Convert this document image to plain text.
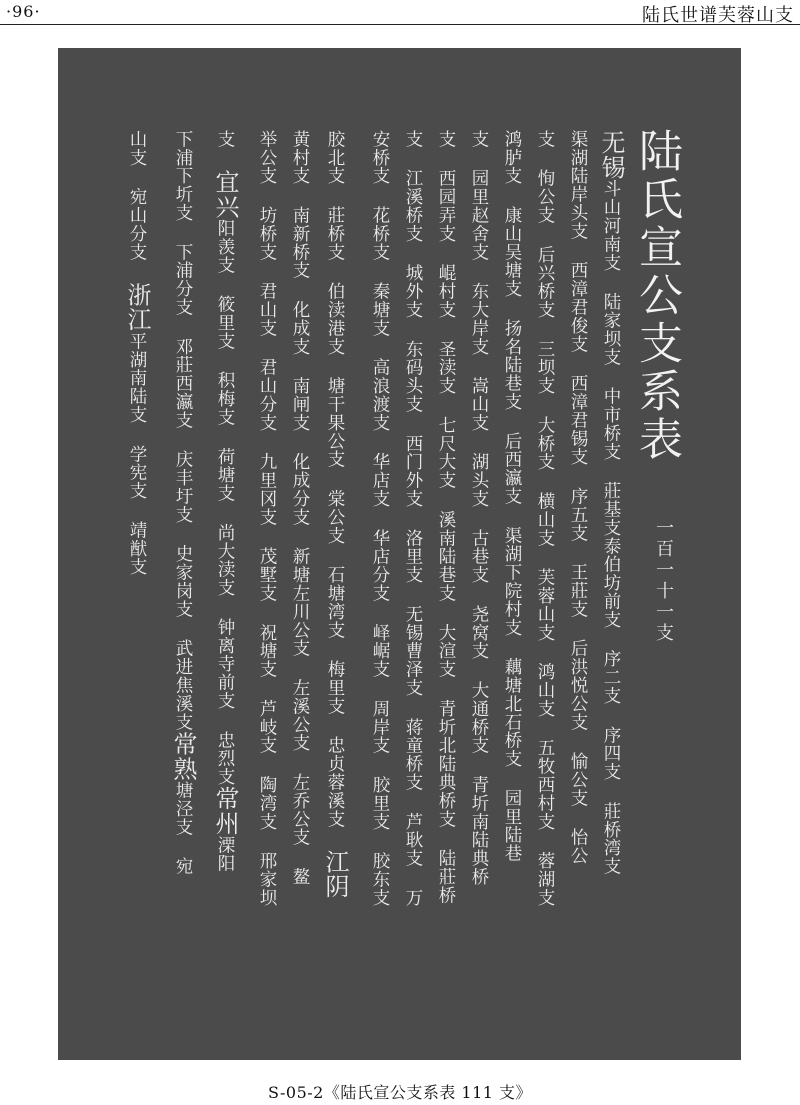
·96·	陆氏世谱芙蓉山支
陆氏宣公支系表
一百一十一支
无锡斗山河南支 陆家坝支 中市桥支 莊基支泰伯坊前支 序二支 序四支 莊桥湾支
渠湖陆岸头支 西漳君俊支 西漳君锡支 序五支 王莊支 后洪悦公支 愉公支 怡公
支 恂公支 后兴桥支 三坝支 大桥支 横山支 芙蓉山支 鸿山支 五牧西村支 蓉湖支
鸿胪支 康山吴塘支 扬名陆巷支 后西瀛支 渠湖下院村支 藕塘北石桥支 园里陆巷
支 园里赵舍支 东大岸支 嵩山支 湖头支 古巷支 尧窝支 大通桥支 青圻南陆典桥
支 西园弄支 崐村支 圣渎支 七尺大支 溪南陆巷支 大渲支 青圻北陆典桥支 陆莊桥
支 江溪桥支 城外支 东码头支 西门外支 洛里支 无锡曹泽支 蒋童桥支 芦耿支 万
安桥支 花桥支 秦塘支 高浪渡支 华店支 华店分支 峄崌支 周岸支 胶里支 胶东支
胶北支 莊桥支 伯渎港支 塘干果公支 棠公支 石塘湾支 梅里支 忠贞蓉溪支 江阴
黄村支 南新桥支 化成支 南闸支 化成分支 新塘左川公支 左溪公支 左乔公支 鳌
举公支 坊桥支 君山支 君山分支 九里冈支 茂墅支 祝塘支 芦岐支 陶湾支 邢家坝
支 宜兴阳羡支 筱里支 积梅支 荷塘支 尚大渎支 钟离寺前支 忠烈支常州溧阳
下浦下圻支 下浦分支 邓莊西瀛支 庆丰圩支 史家岗支 武进焦溪支常熟塘泾支 宛
山支 宛山分支 浙江平湖南陆支 学宪支 靖猷支
S-05-2《陆氏宣公支系表 111 支》
